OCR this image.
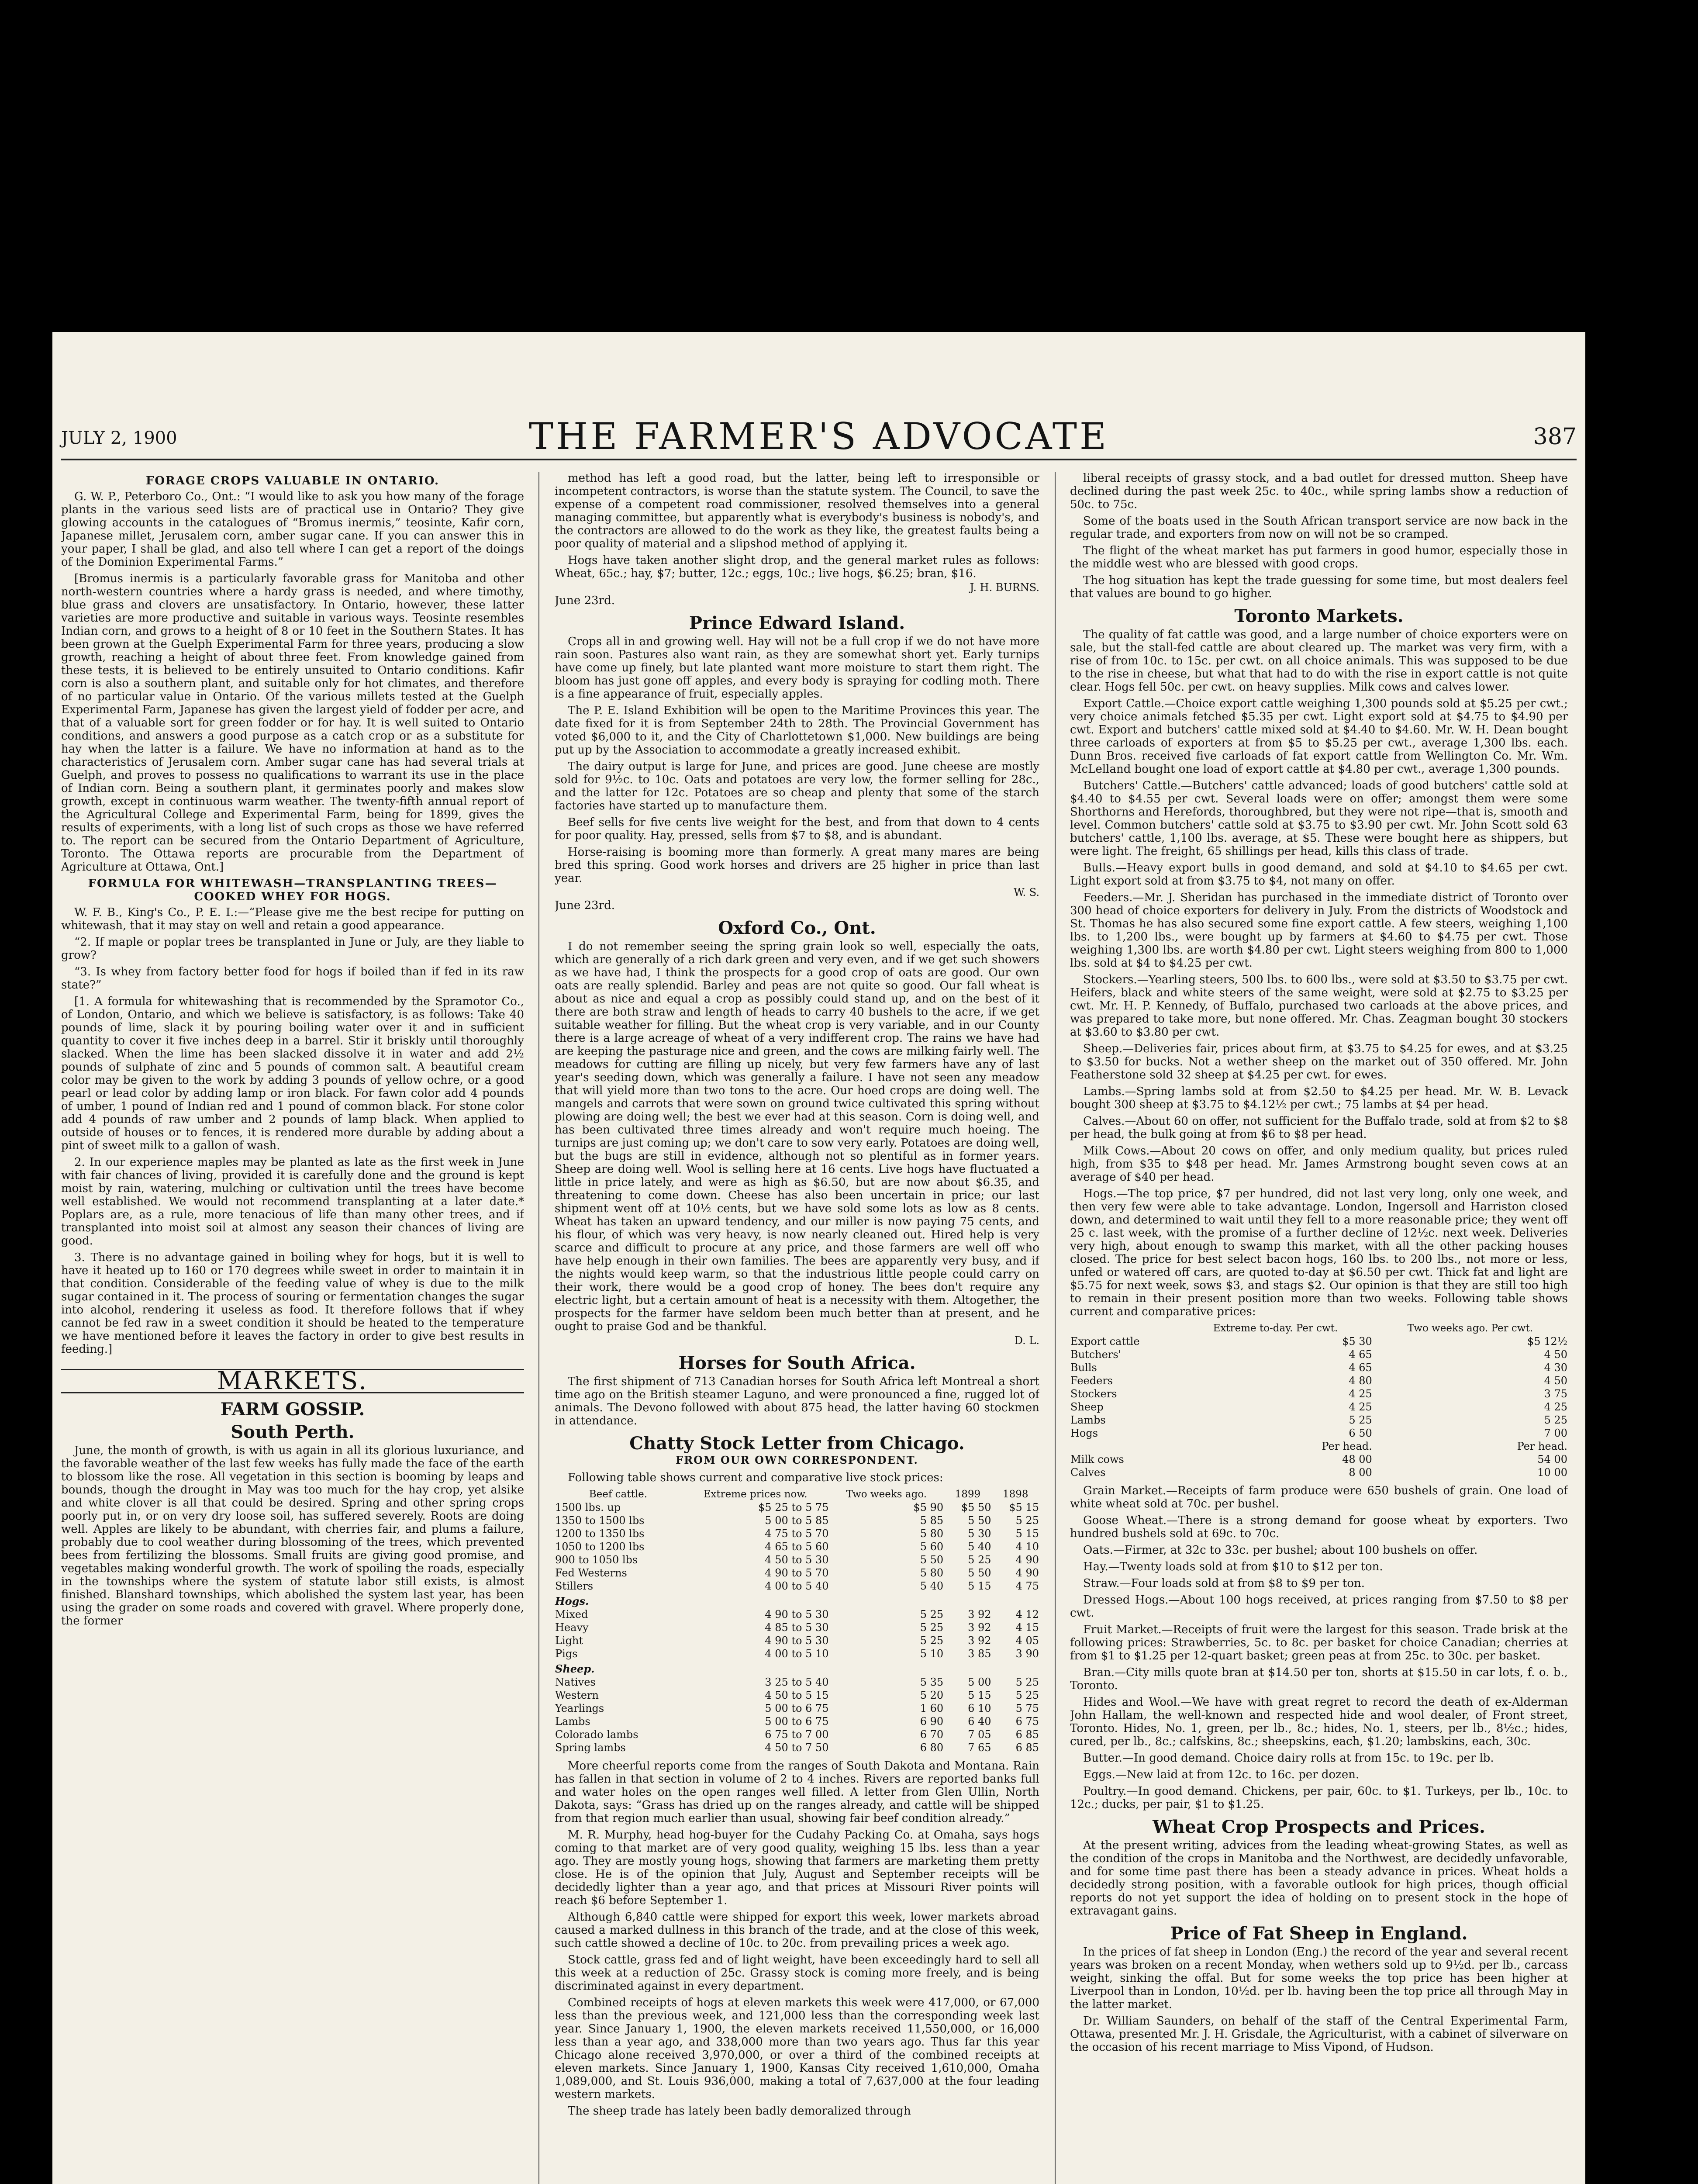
JULY 2, 1900	THE FARMER'S ADVOCATE	387
FORAGE CROPS VALUABLE IN ONTARIO.

G. W. P., Peterboro Co., Ont.: “I would like to ask you how many of the forage plants in the various seed lists are of practical use in Ontario? They give glowing accounts in the catalogues of “Bromus inermis,” teosinte, Kafir corn, Japanese millet, Jerusalem corn, amber sugar cane. If you can answer this in your paper, I shall be glad, and also tell where I can get a report of the doings of the Dominion Experimental Farms.”

[Bromus inermis is a particularly favorable grass for Manitoba and other north-western countries where a hardy grass is needed, and where timothy, blue grass and clovers are unsatisfactory. In Ontario, however, these latter varieties are more productive and suitable in various ways. Teosinte resembles Indian corn, and grows to a height of 8 or 10 feet in the Southern States. It has been grown at the Guelph Experimental Farm for three years, producing a slow growth, reaching a height of about three feet. From knowledge gained from these tests, it is believed to be entirely unsuited to Ontario conditions. Kafir corn is also a southern plant, and suitable only for hot climates, and therefore of no particular value in Ontario. Of the various millets tested at the Guelph Experimental Farm, Japanese has given the largest yield of fodder per acre, and that of a valuable sort for green fodder or for hay. It is well suited to Ontario conditions, and answers a good purpose as a catch crop or as a substitute for hay when the latter is a failure. We have no information at hand as to the characteristics of Jerusalem corn. Amber sugar cane has had several trials at Guelph, and proves to possess no qualifications to warrant its use in the place of Indian corn. Being a southern plant, it germinates poorly and makes slow growth, except in continuous warm weather. The twenty-fifth annual report of the Agricultural College and Experimental Farm, being for 1899, gives the results of experiments, with a long list of such crops as those we have referred to. The report can be secured from the Ontario Department of Agriculture, Toronto. The Ottawa reports are procurable from the Department of Agriculture at Ottawa, Ont.]

FORMULA FOR WHITEWASH—TRANSPLANTING TREES—COOKED WHEY FOR HOGS.

W. F. B., King's Co., P. E. I.:—“Please give me the best recipe for putting on whitewash, that it may stay on well and retain a good appearance.

“2. If maple or poplar trees be transplanted in June or July, are they liable to grow?

“3. Is whey from factory better food for hogs if boiled than if fed in its raw state?”

[1. A formula for whitewashing that is recommended by the Spramotor Co., of London, Ontario, and which we believe is satisfactory, is as follows: Take 40 pounds of lime, slack it by pouring boiling water over it and in sufficient quantity to cover it five inches deep in a barrel. Stir it briskly until thoroughly slacked. When the lime has been slacked dissolve it in water and add 2½ pounds of sulphate of zinc and 5 pounds of common salt. A beautiful cream color may be given to the work by adding 3 pounds of yellow ochre, or a good pearl or lead color by adding lamp or iron black. For fawn color add 4 pounds of umber, 1 pound of Indian red and 1 pound of common black. For stone color add 4 pounds of raw umber and 2 pounds of lamp black. When applied to outside of houses or to fences, it is rendered more durable by adding about a pint of sweet milk to a gallon of wash.

2. In our experience maples may be planted as late as the first week in June with fair chances of living, provided it is carefully done and the ground is kept moist by rain, watering, mulching or cultivation until the trees have become well established. We would not recommend transplanting at a later date.* Poplars are, as a rule, more tenacious of life than many other trees, and if transplanted into moist soil at almost any season their chances of living are good.

3. There is no advantage gained in boiling whey for hogs, but it is well to have it heated up to 160 or 170 degrees while sweet in order to maintain it in that condition. Considerable of the feeding value of whey is due to the milk sugar contained in it. The process of souring or fermentation changes the sugar into alcohol, rendering it useless as food. It therefore follows that if whey cannot be fed raw in a sweet condition it should be heated to the temperature we have mentioned before it leaves the factory in order to give best results in feeding.]

MARKETS.
FARM GOSSIP.
South Perth.

June, the month of growth, is with us again in all its glorious luxuriance, and the favorable weather of the last few weeks has fully made the face of the earth to blossom like the rose. All vegetation in this section is booming by leaps and bounds, though the drought in May was too much for the hay crop, yet alsike and white clover is all that could be desired. Spring and other spring crops poorly put in, or on very dry loose soil, has suffered severely. Roots are doing well. Apples are likely to be abundant, with cherries fair, and plums a failure, probably due to cool weather during blossoming of the trees, which prevented bees from fertilizing the blossoms. Small fruits are giving good promise, and vegetables making wonderful growth. The work of spoiling the roads, especially in the townships where the system of statute labor still exists, is almost finished. Blanshard townships, which abolished the system last year, has been using the grader on some roads and covered with gravel. Where properly done, the former

method has left a good road, but the latter, being left to irresponsible or incompetent contractors, is worse than the statute system. The Council, to save the expense of a competent road commissioner, resolved themselves into a general managing committee, but apparently what is everybody's business is nobody's, and the contractors are allowed to do the work as they like, the greatest faults being a poor quality of material and a slipshod method of applying it.

Hogs have taken another slight drop, and the general market rules as follows: Wheat, 65c.; hay, $7; butter, 12c.; eggs, 10c.; live hogs, $6.25; bran, $16.

J. H. BURNS.
June 23rd.
Prince Edward Island.

Crops all in and growing well. Hay will not be a full crop if we do not have more rain soon. Pastures also want rain, as they are somewhat short yet. Early turnips have come up finely, but late planted want more moisture to start them right. The bloom has just gone off apples, and every body is spraying for codling moth. There is a fine appearance of fruit, especially apples.

The P. E. Island Exhibition will be open to the Maritime Provinces this year. The date fixed for it is from September 24th to 28th. The Provincial Government has voted $6,000 to it, and the City of Charlottetown $1,000. New buildings are being put up by the Association to accommodate a greatly increased exhibit.

The dairy output is large for June, and prices are good. June cheese are mostly sold for 9½c. to 10c. Oats and potatoes are very low, the former selling for 28c., and the latter for 12c. Potatoes are so cheap and plenty that some of the starch factories have started up to manufacture them.

Beef sells for five cents live weight for the best, and from that down to 4 cents for poor quality. Hay, pressed, sells from $7 to $8, and is abundant.

Horse-raising is booming more than formerly. A great many mares are being bred this spring. Good work horses and drivers are 25 higher in price than last year.

W. S.
June 23rd.
Oxford Co., Ont.

I do not remember seeing the spring grain look so well, especially the oats, which are generally of a rich dark green and very even, and if we get such showers as we have had, I think the prospects for a good crop of oats are good. Our own oats are really splendid. Barley and peas are not quite so good. Our fall wheat is about as nice and equal a crop as possibly could stand up, and on the best of it there are both straw and length of heads to carry 40 bushels to the acre, if we get suitable weather for filling. But the wheat crop is very variable, and in our County there is a large acreage of wheat of a very indifferent crop. The rains we have had are keeping the pasturage nice and green, and the cows are milking fairly well. The meadows for cutting are filling up nicely, but very few farmers have any of last year's seeding down, which was generally a failure. I have not seen any meadow that will yield more than two tons to the acre. Our hoed crops are doing well. The mangels and carrots that were sown on ground twice cultivated this spring without plowing are doing well; the best we ever had at this season. Corn is doing well, and has been cultivated three times already and won't require much hoeing. The turnips are just coming up; we don't care to sow very early. Potatoes are doing well, but the bugs are still in evidence, although not so plentiful as in former years. Sheep are doing well. Wool is selling here at 16 cents. Live hogs have fluctuated a little in price lately, and were as high as $6.50, but are now about $6.35, and threatening to come down. Cheese has also been uncertain in price; our last shipment went off at 10½ cents, but we have sold some lots as low as 8 cents. Wheat has taken an upward tendency, and our miller is now paying 75 cents, and his flour, of which was very heavy, is now nearly cleaned out. Hired help is very scarce and difficult to procure at any price, and those farmers are well off who have help enough in their own families. The bees are apparently very busy, and if the nights would keep warm, so that the industrious little people could carry on their work, there would be a good crop of honey. The bees don't require any electric light, but a certain amount of heat is a necessity with them. Altogether, the prospects for the farmer have seldom been much better than at present, and he ought to praise God and be thankful.

D. L.
Horses for South Africa.

The first shipment of 713 Canadian horses for South Africa left Montreal a short time ago on the British steamer Laguno, and were pronounced a fine, rugged lot of animals. The Devono followed with about 875 head, the latter having 60 stockmen in attendance.

Chatty Stock Letter from Chicago.
FROM OUR OWN CORRESPONDENT.

Following table shows current and comparative live stock prices:

Beef cattle.	Extreme prices now.	Two weeks ago.	1899	1898
1500 lbs. up	$5 25 to 5 75	$5 90	$5 50	$5 15
1350 to 1500 lbs	5 00 to 5 85	5 85	5 50	5 25
1200 to 1350 lbs	4 75 to 5 70	5 80	5 30	5 15
1050 to 1200 lbs	4 65 to 5 60	5 60	5 40	4 10
900 to 1050 lbs	4 50 to 5 30	5 50	5 25	4 90
Fed Westerns	4 90 to 5 70	5 80	5 50	4 90
Stillers	4 00 to 5 40	5 40	5 15	4 75
Hogs.				
Mixed	4 90 to 5 30	5 25	3 92	4 12
Heavy	4 85 to 5 30	5 25	3 92	4 15
Light	4 90 to 5 30	5 25	3 92	4 05
Pigs	4 00 to 5 10	5 10	3 85	3 90
Sheep.				
Natives	3 25 to 5 40	5 35	5 00	5 25
Western	4 50 to 5 15	5 20	5 15	5 25
Yearlings	5 00 to 6 75	1 60	6 10	5 75
Lambs	5 00 to 6 75	6 90	6 40	6 75
Colorado lambs	6 75 to 7 00	6 70	7 05	6 85
Spring lambs	4 50 to 7 50	6 80	7 65	6 85

More cheerful reports come from the ranges of South Dakota and Montana. Rain has fallen in that section in volume of 2 to 4 inches. Rivers are reported banks full and water holes on the open ranges well filled. A letter from Glen Ullin, North Dakota, says: “Grass has dried up on the ranges already, and cattle will be shipped from that region much earlier than usual, showing fair beef condition already.”

M. R. Murphy, head hog-buyer for the Cudahy Packing Co. at Omaha, says hogs coming to that market are of very good quality, weighing 15 lbs. less than a year ago. They are mostly young hogs, showing that farmers are marketing them pretty close. He is of the opinion that July, August and September receipts will be decidedly lighter than a year ago, and that prices at Missouri River points will reach $6 before September 1.

Although 6,840 cattle were shipped for export this week, lower markets abroad caused a marked dullness in this branch of the trade, and at the close of this week, such cattle showed a decline of 10c. to 20c. from prevailing prices a week ago.

Stock cattle, grass fed and of light weight, have been exceedingly hard to sell all this week at a reduction of 25c. Grassy stock is coming more freely, and is being discriminated against in every department.

Combined receipts of hogs at eleven markets this week were 417,000, or 67,000 less than the previous week, and 121,000 less than the corresponding week last year. Since January 1, 1900, the eleven markets received 11,550,000, or 16,000 less than a year ago, and 338,000 more than two years ago. Thus far this year Chicago alone received 3,970,000, or over a third of the combined receipts at eleven markets. Since January 1, 1900, Kansas City received 1,610,000, Omaha 1,089,000, and St. Louis 936,000, making a total of 7,637,000 at the four leading western markets.

The sheep trade has lately been badly demoralized through

liberal receipts of grassy stock, and a bad outlet for dressed mutton. Sheep have declined during the past week 25c. to 40c., while spring lambs show a reduction of 50c. to 75c.

Some of the boats used in the South African transport service are now back in the regular trade, and exporters from now on will not be so cramped.

The flight of the wheat market has put farmers in good humor, especially those in the middle west who are blessed with good crops.

The hog situation has kept the trade guessing for some time, but most dealers feel that values are bound to go higher.

Toronto Markets.

The quality of fat cattle was good, and a large number of choice exporters were on sale, but the stall-fed cattle are about cleared up. The market was very firm, with a rise of from 10c. to 15c. per cwt. on all choice animals. This was supposed to be due to the rise in cheese, but what that had to do with the rise in export cattle is not quite clear. Hogs fell 50c. per cwt. on heavy supplies. Milk cows and calves lower.

Export Cattle.—Choice export cattle weighing 1,300 pounds sold at $5.25 per cwt.; very choice animals fetched $5.35 per cwt. Light export sold at $4.75 to $4.90 per cwt. Export and butchers' cattle mixed sold at $4.40 to $4.60. Mr. W. H. Dean bought three carloads of exporters at from $5 to $5.25 per cwt., average 1,300 lbs. each. Dunn Bros. received five carloads of fat export cattle from Wellington Co. Mr. Wm. McLelland bought one load of export cattle at $4.80 per cwt., average 1,300 pounds.

Butchers' Cattle.—Butchers' cattle advanced; loads of good butchers' cattle sold at $4.40 to $4.55 per cwt. Several loads were on offer; amongst them were some Shorthorns and Herefords, thoroughbred, but they were not ripe—that is, smooth and level. Common butchers' cattle sold at $3.75 to $3.90 per cwt. Mr. John Scott sold 63 butchers' cattle, 1,100 lbs. average, at $5. These were bought here as shippers, but were light. The freight, 65 shillings per head, kills this class of trade.

Bulls.—Heavy export bulls in good demand, and sold at $4.10 to $4.65 per cwt. Light export sold at from $3.75 to $4, not many on offer.

Feeders.—Mr. J. Sheridan has purchased in the immediate district of Toronto over 300 head of choice exporters for delivery in July. From the districts of Woodstock and St. Thomas he has also secured some fine export cattle. A few steers, weighing 1,100 lbs. to 1,200 lbs., were bought up by farmers at $4.60 to $4.75 per cwt. Those weighing 1,300 lbs. are worth $4.80 per cwt. Light steers weighing from 800 to 1,000 lbs. sold at $4 to $4.25 per cwt.

Stockers.—Yearling steers, 500 lbs. to 600 lbs., were sold at $3.50 to $3.75 per cwt. Heifers, black and white steers of the same weight, were sold at $2.75 to $3.25 per cwt. Mr. H. P. Kennedy, of Buffalo, purchased two carloads at the above prices, and was prepared to take more, but none offered. Mr. Chas. Zeagman bought 30 stockers at $3.60 to $3.80 per cwt.

Sheep.—Deliveries fair, prices about firm, at $3.75 to $4.25 for ewes, and at $3.25 to $3.50 for bucks. Not a wether sheep on the market out of 350 offered. Mr. John Featherstone sold 32 sheep at $4.25 per cwt. for ewes.

Lambs.—Spring lambs sold at from $2.50 to $4.25 per head. Mr. W. B. Levack bought 300 sheep at $3.75 to $4.12½ per cwt.; 75 lambs at $4 per head.

Calves.—About 60 on offer, not sufficient for the Buffalo trade, sold at from $2 to $8 per head, the bulk going at from $6 to $8 per head.

Milk Cows.—About 20 cows on offer, and only medium quality, but prices ruled high, from $35 to $48 per head. Mr. James Armstrong bought seven cows at an average of $40 per head.

Hogs.—The top price, $7 per hundred, did not last very long, only one week, and then very few were able to take advantage. London, Ingersoll and Harriston closed down, and determined to wait until they fell to a more reasonable price; they went off 25 c. last week, with the promise of a further decline of 12½c. next week. Deliveries very high, about enough to swamp this market, with all the other packing houses closed. The price for best select bacon hogs, 160 lbs. to 200 lbs., not more or less, unfed or watered off cars, are quoted to-day at $6.50 per cwt. Thick fat and light are $5.75 for next week, sows $3, and stags $2. Our opinion is that they are still too high to remain in their present position more than two weeks. Following table shows current and comparative prices:

	Extreme to-day. Per cwt.	Two weeks ago. Per cwt.
Export cattle	$5 30	$5 12½
Butchers'	4 65	4 50
Bulls	4 65	4 30
Feeders	4 80	4 50
Stockers	4 25	3 75
Sheep	4 25	4 25
Lambs	5 25	5 25
Hogs	6 50	7 00
	Per head.	Per head.
Milk cows	48 00	54 00
Calves	8 00	10 00

Grain Market.—Receipts of farm produce were 650 bushels of grain. One load of white wheat sold at 70c. per bushel.

Goose Wheat.—There is a strong demand for goose wheat by exporters. Two hundred bushels sold at 69c. to 70c.

Oats.—Firmer, at 32c to 33c. per bushel; about 100 bushels on offer.

Hay.—Twenty loads sold at from $10 to $12 per ton.

Straw.—Four loads sold at from $8 to $9 per ton.

Dressed Hogs.—About 100 hogs received, at prices ranging from $7.50 to $8 per cwt.

Fruit Market.—Receipts of fruit were the largest for this season. Trade brisk at the following prices: Strawberries, 5c. to 8c. per basket for choice Canadian; cherries at from $1 to $1.25 per 12-quart basket; green peas at from 25c. to 30c. per basket.

Bran.—City mills quote bran at $14.50 per ton, shorts at $15.50 in car lots, f. o. b., Toronto.

Hides and Wool.—We have with great regret to record the death of ex-Alderman John Hallam, the well-known and respected hide and wool dealer, of Front street, Toronto. Hides, No. 1, green, per lb., 8c.; hides, No. 1, steers, per lb., 8½c.; hides, cured, per lb., 8c.; calfskins, 8c.; sheepskins, each, $1.20; lambskins, each, 30c.

Butter.—In good demand. Choice dairy rolls at from 15c. to 19c. per lb.

Eggs.—New laid at from 12c. to 16c. per dozen.

Poultry.—In good demand. Chickens, per pair, 60c. to $1. Turkeys, per lb., 10c. to 12c.; ducks, per pair, $1 to $1.25.

Wheat Crop Prospects and Prices.

At the present writing, advices from the leading wheat-growing States, as well as the condition of the crops in Manitoba and the Northwest, are decidedly unfavorable, and for some time past there has been a steady advance in prices. Wheat holds a decidedly strong position, with a favorable outlook for high prices, though official reports do not yet support the idea of holding on to present stock in the hope of extravagant gains.

Price of Fat Sheep in England.

In the prices of fat sheep in London (Eng.) the record of the year and several recent years was broken on a recent Monday, when wethers sold up to 9½d. per lb., carcass weight, sinking the offal. But for some weeks the top price has been higher at Liverpool than in London, 10½d. per lb. having been the top price all through May in the latter market.

Dr. William Saunders, on behalf of the staff of the Central Experimental Farm, Ottawa, presented Mr. J. H. Grisdale, the Agriculturist, with a cabinet of silverware on the occasion of his recent marriage to Miss Vipond, of Hudson.
